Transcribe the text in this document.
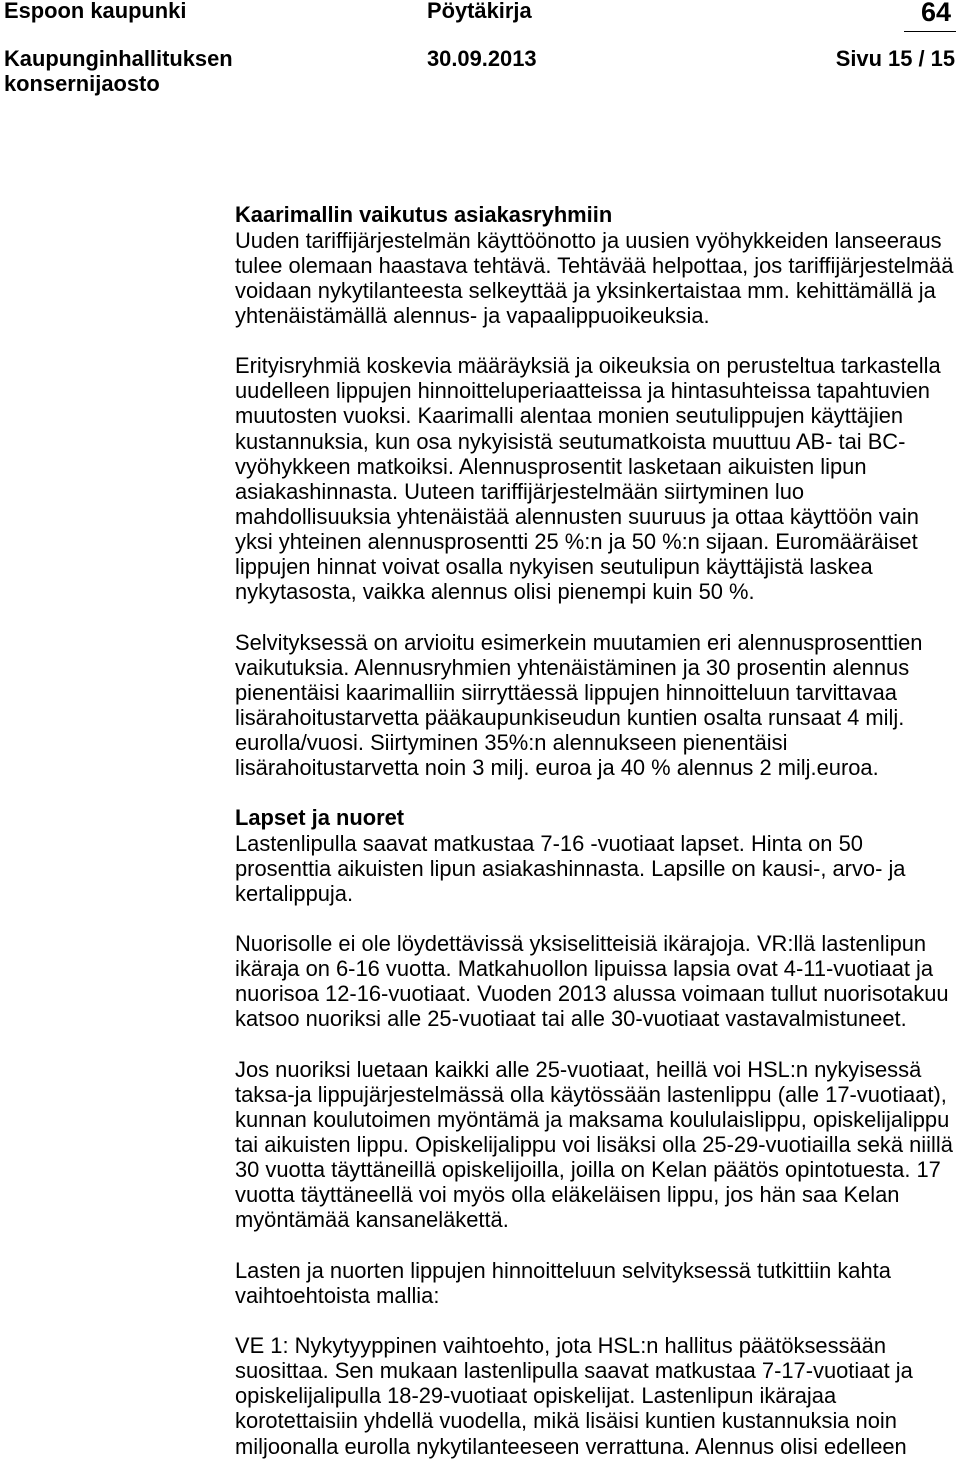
Espoon kaupunki	Pöytäkirja	64
Kaupunginhallituksen	30.09.2013	Sivu 15 / 15
konsernijaosto
Kaarimallin vaikutus asiakasryhmiin
Uuden tariffijärjestelmän käyttöönotto ja uusien vyöhykkeiden lanseeraus
tulee olemaan haastava tehtävä. Tehtävää helpottaa, jos tariffijärjestelmää
voidaan nykytilanteesta selkeyttää ja yksinkertaistaa mm. kehittämällä ja
yhtenäistämällä alennus- ja vapaalippuoikeuksia.
Erityisryhmiä koskevia määräyksiä ja oikeuksia on perusteltua tarkastella
uudelleen lippujen hinnoitteluperiaatteissa ja hintasuhteissa tapahtuvien
muutosten vuoksi. Kaarimalli alentaa monien seutulippujen käyttäjien
kustannuksia, kun osa nykyisistä seutumatkoista muuttuu AB- tai BC-
vyöhykkeen matkoiksi. Alennusprosentit lasketaan aikuisten lipun
asiakashinnasta. Uuteen tariffijärjestelmään siirtyminen luo
mahdollisuuksia yhtenäistää alennusten suuruus ja ottaa käyttöön vain
yksi yhteinen alennusprosentti 25 %:n ja 50 %:n sijaan. Euromääräiset
lippujen hinnat voivat osalla nykyisen seutulipun käyttäjistä laskea
nykytasosta, vaikka alennus olisi pienempi kuin 50 %.
Selvityksessä on arvioitu esimerkein muutamien eri alennusprosenttien
vaikutuksia. Alennusryhmien yhtenäistäminen ja 30 prosentin alennus
pienentäisi kaarimalliin siirryttäessä lippujen hinnoitteluun tarvittavaa
lisärahoitustarvetta pääkaupunkiseudun kuntien osalta runsaat 4 milj.
eurolla/vuosi. Siirtyminen 35%:n alennukseen pienentäisi
lisärahoitustarvetta noin 3 milj. euroa ja 40 % alennus 2 milj.euroa.
Lapset ja nuoret
Lastenlipulla saavat matkustaa 7-16 -vuotiaat lapset. Hinta on 50
prosenttia aikuisten lipun asiakashinnasta. Lapsille on kausi-, arvo- ja
kertalippuja.
Nuorisolle ei ole löydettävissä yksiselitteisiä ikärajoja. VR:llä lastenlipun
ikäraja on 6-16 vuotta. Matkahuollon lipuissa lapsia ovat 4-11-vuotiaat ja
nuorisoa 12-16-vuotiaat. Vuoden 2013 alussa voimaan tullut nuorisotakuu
katsoo nuoriksi alle 25-vuotiaat tai alle 30-vuotiaat vastavalmistuneet.
Jos nuoriksi luetaan kaikki alle 25-vuotiaat, heillä voi HSL:n nykyisessä
taksa-ja lippujärjestelmässä olla käytössään lastenlippu (alle 17-vuotiaat),
kunnan koulutoimen myöntämä ja maksama koululaislippu, opiskelijalippu
tai aikuisten lippu. Opiskelijalippu voi lisäksi olla 25-29-vuotiailla sekä niillä
30 vuotta täyttäneillä opiskelijoilla, joilla on Kelan päätös opintotuesta. 17
vuotta täyttäneellä voi myös olla eläkeläisen lippu, jos hän saa Kelan
myöntämää kansaneläkettä.
Lasten ja nuorten lippujen hinnoitteluun selvityksessä tutkittiin kahta
vaihtoehtoista mallia:
VE 1: Nykytyyppinen vaihtoehto, jota HSL:n hallitus päätöksessään
suosittaa. Sen mukaan lastenlipulla saavat matkustaa 7-17-vuotiaat ja
opiskelijalipulla 18-29-vuotiaat opiskelijat. Lastenlipun ikärajaa
korotettaisiin yhdellä vuodella, mikä lisäisi kuntien kustannuksia noin
miljoonalla eurolla nykytilanteeseen verrattuna. Alennus olisi edelleen
